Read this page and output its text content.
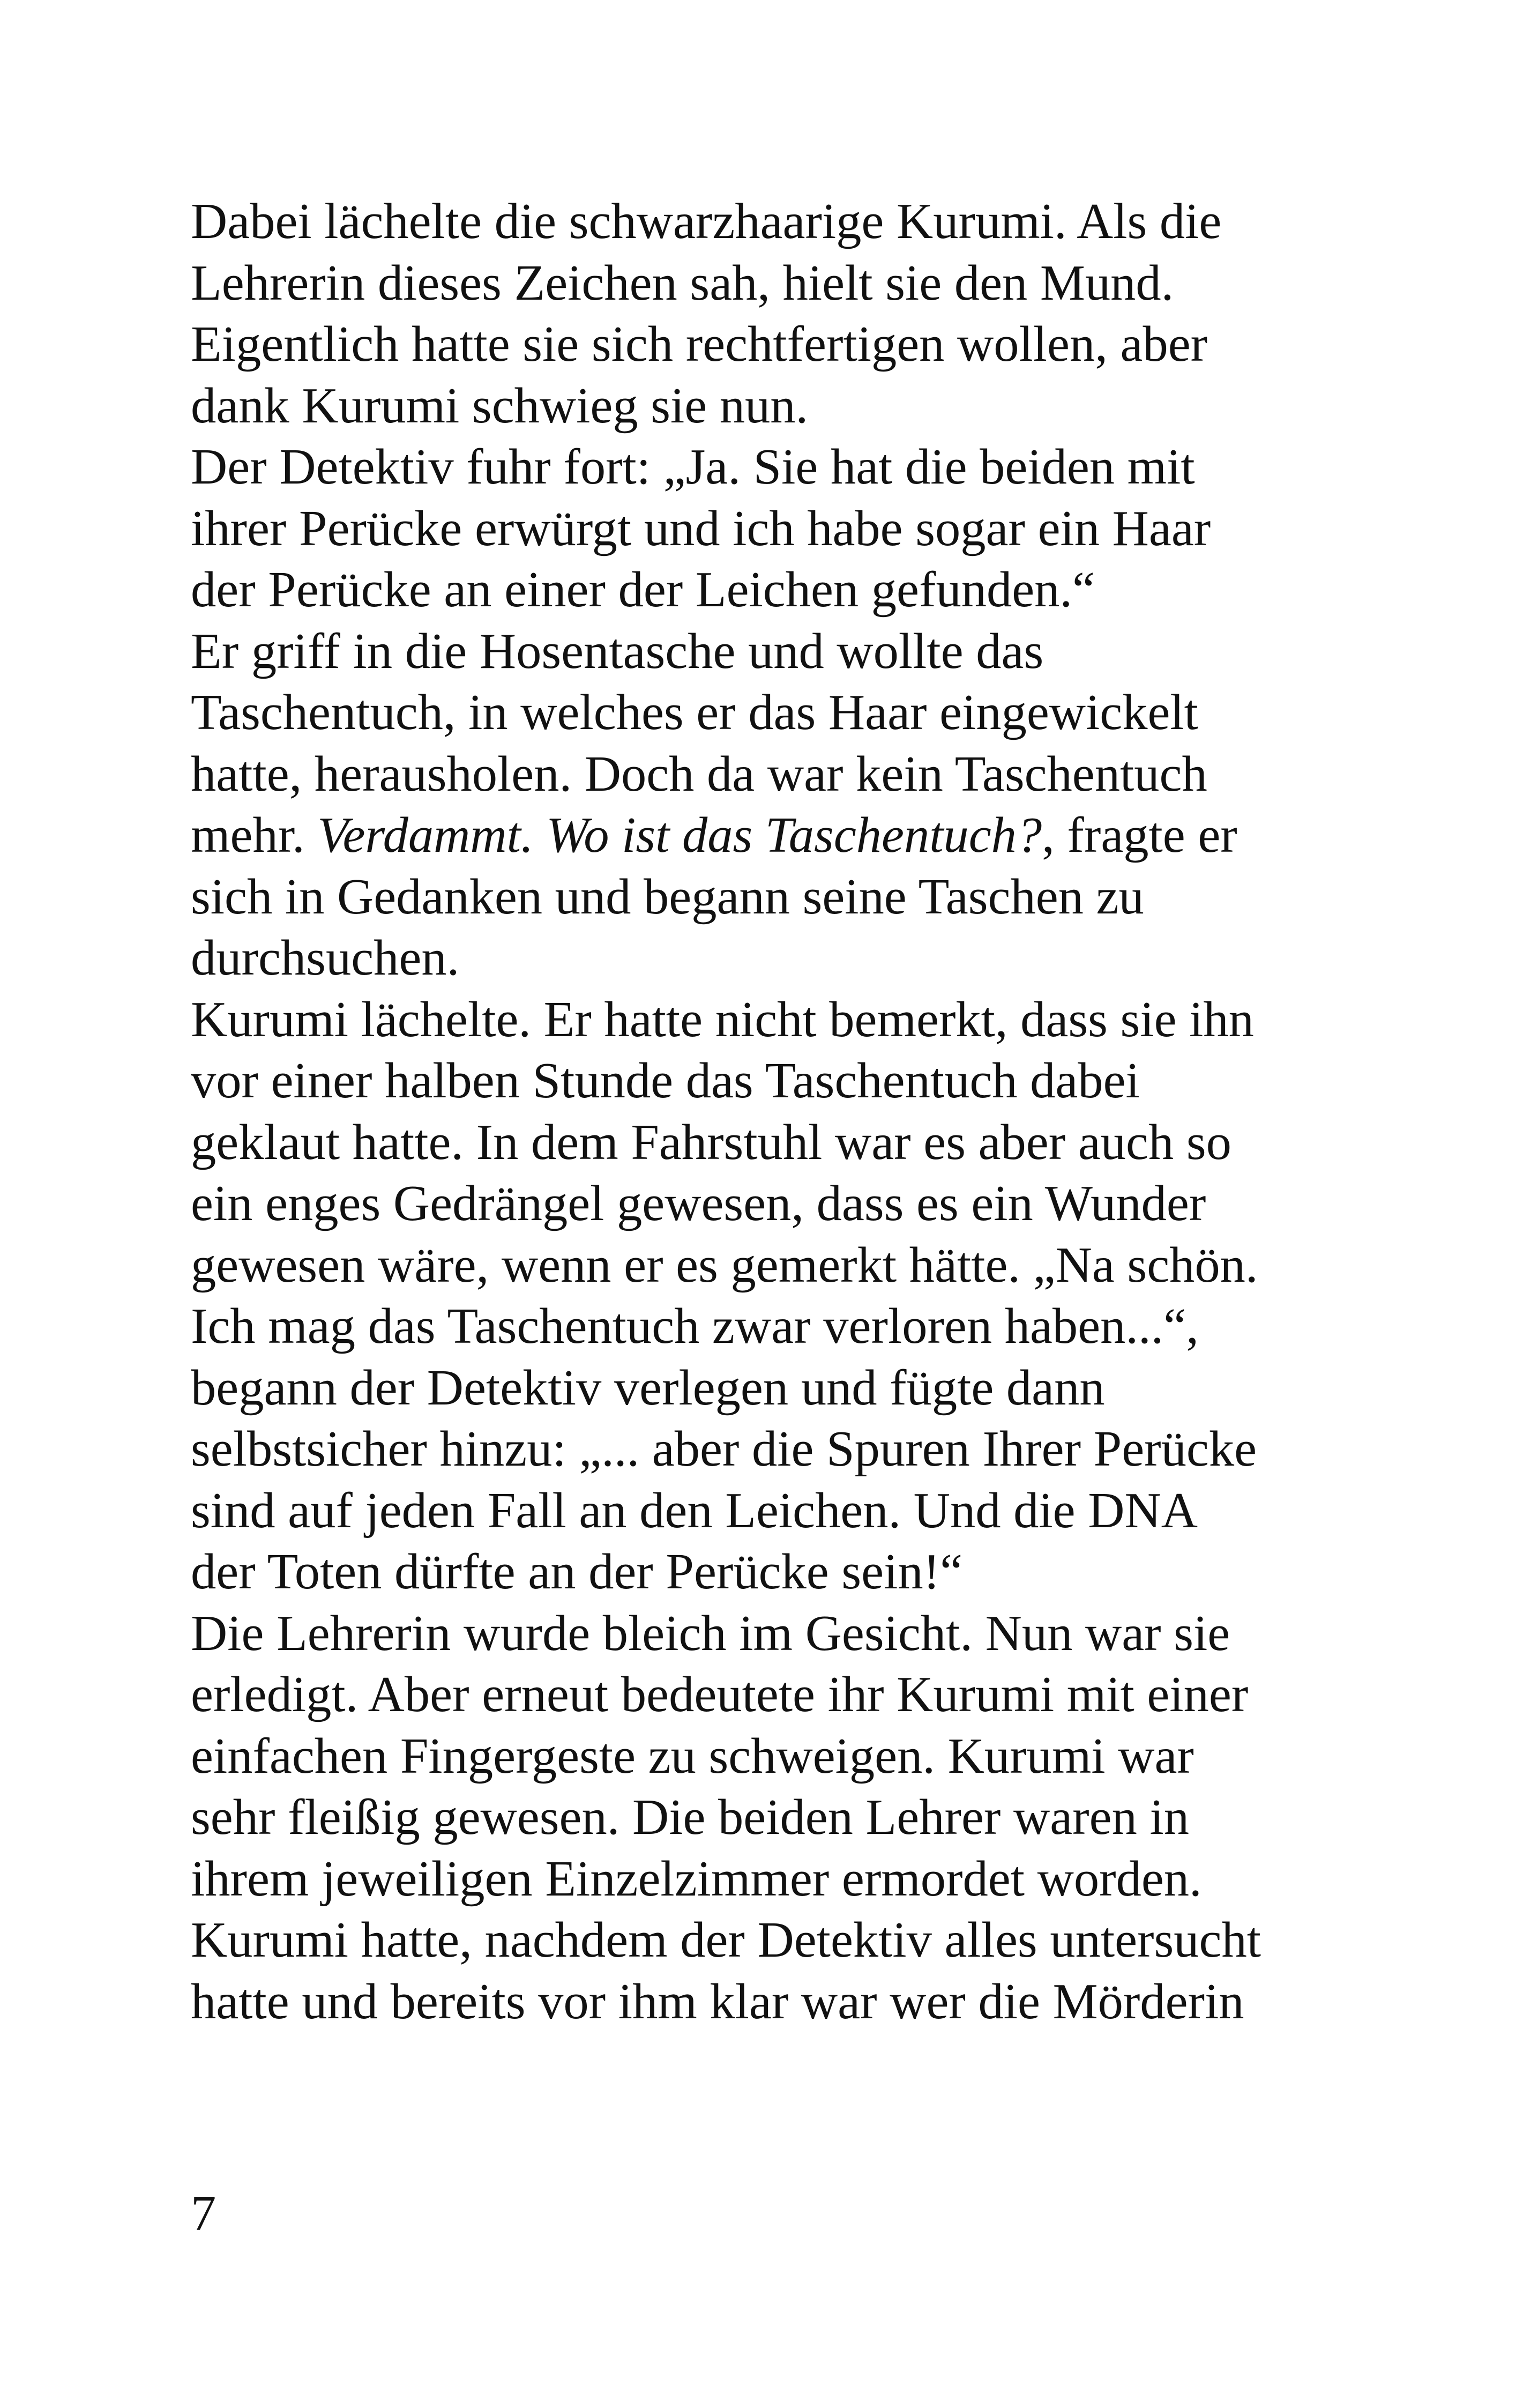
Dabei lächelte die schwarzhaarige Kurumi. Als die
Lehrerin dieses Zeichen sah, hielt sie den Mund.
Eigentlich hatte sie sich rechtfertigen wollen, aber
dank Kurumi schwieg sie nun.
Der Detektiv fuhr fort: „Ja. Sie hat die beiden mit
ihrer Perücke erwürgt und ich habe sogar ein Haar
der Perücke an einer der Leichen gefunden.“
Er griff in die Hosentasche und wollte das
Taschentuch, in welches er das Haar eingewickelt
hatte, herausholen. Doch da war kein Taschentuch
mehr. Verdammt. Wo ist das Taschentuch?, fragte er
sich in Gedanken und begann seine Taschen zu
durchsuchen.
Kurumi lächelte. Er hatte nicht bemerkt, dass sie ihn
vor einer halben Stunde das Taschentuch dabei
geklaut hatte. In dem Fahrstuhl war es aber auch so
ein enges Gedrängel gewesen, dass es ein Wunder
gewesen wäre, wenn er es gemerkt hätte. „Na schön.
Ich mag das Taschentuch zwar verloren haben...“,
begann der Detektiv verlegen und fügte dann
selbstsicher hinzu: „... aber die Spuren Ihrer Perücke
sind auf jeden Fall an den Leichen. Und die DNA
der Toten dürfte an der Perücke sein!“
Die Lehrerin wurde bleich im Gesicht. Nun war sie
erledigt. Aber erneut bedeutete ihr Kurumi mit einer
einfachen Fingergeste zu schweigen. Kurumi war
sehr fleißig gewesen. Die beiden Lehrer waren in
ihrem jeweiligen Einzelzimmer ermordet worden.
Kurumi hatte, nachdem der Detektiv alles untersucht
hatte und bereits vor ihm klar war wer die Mörderin
7
